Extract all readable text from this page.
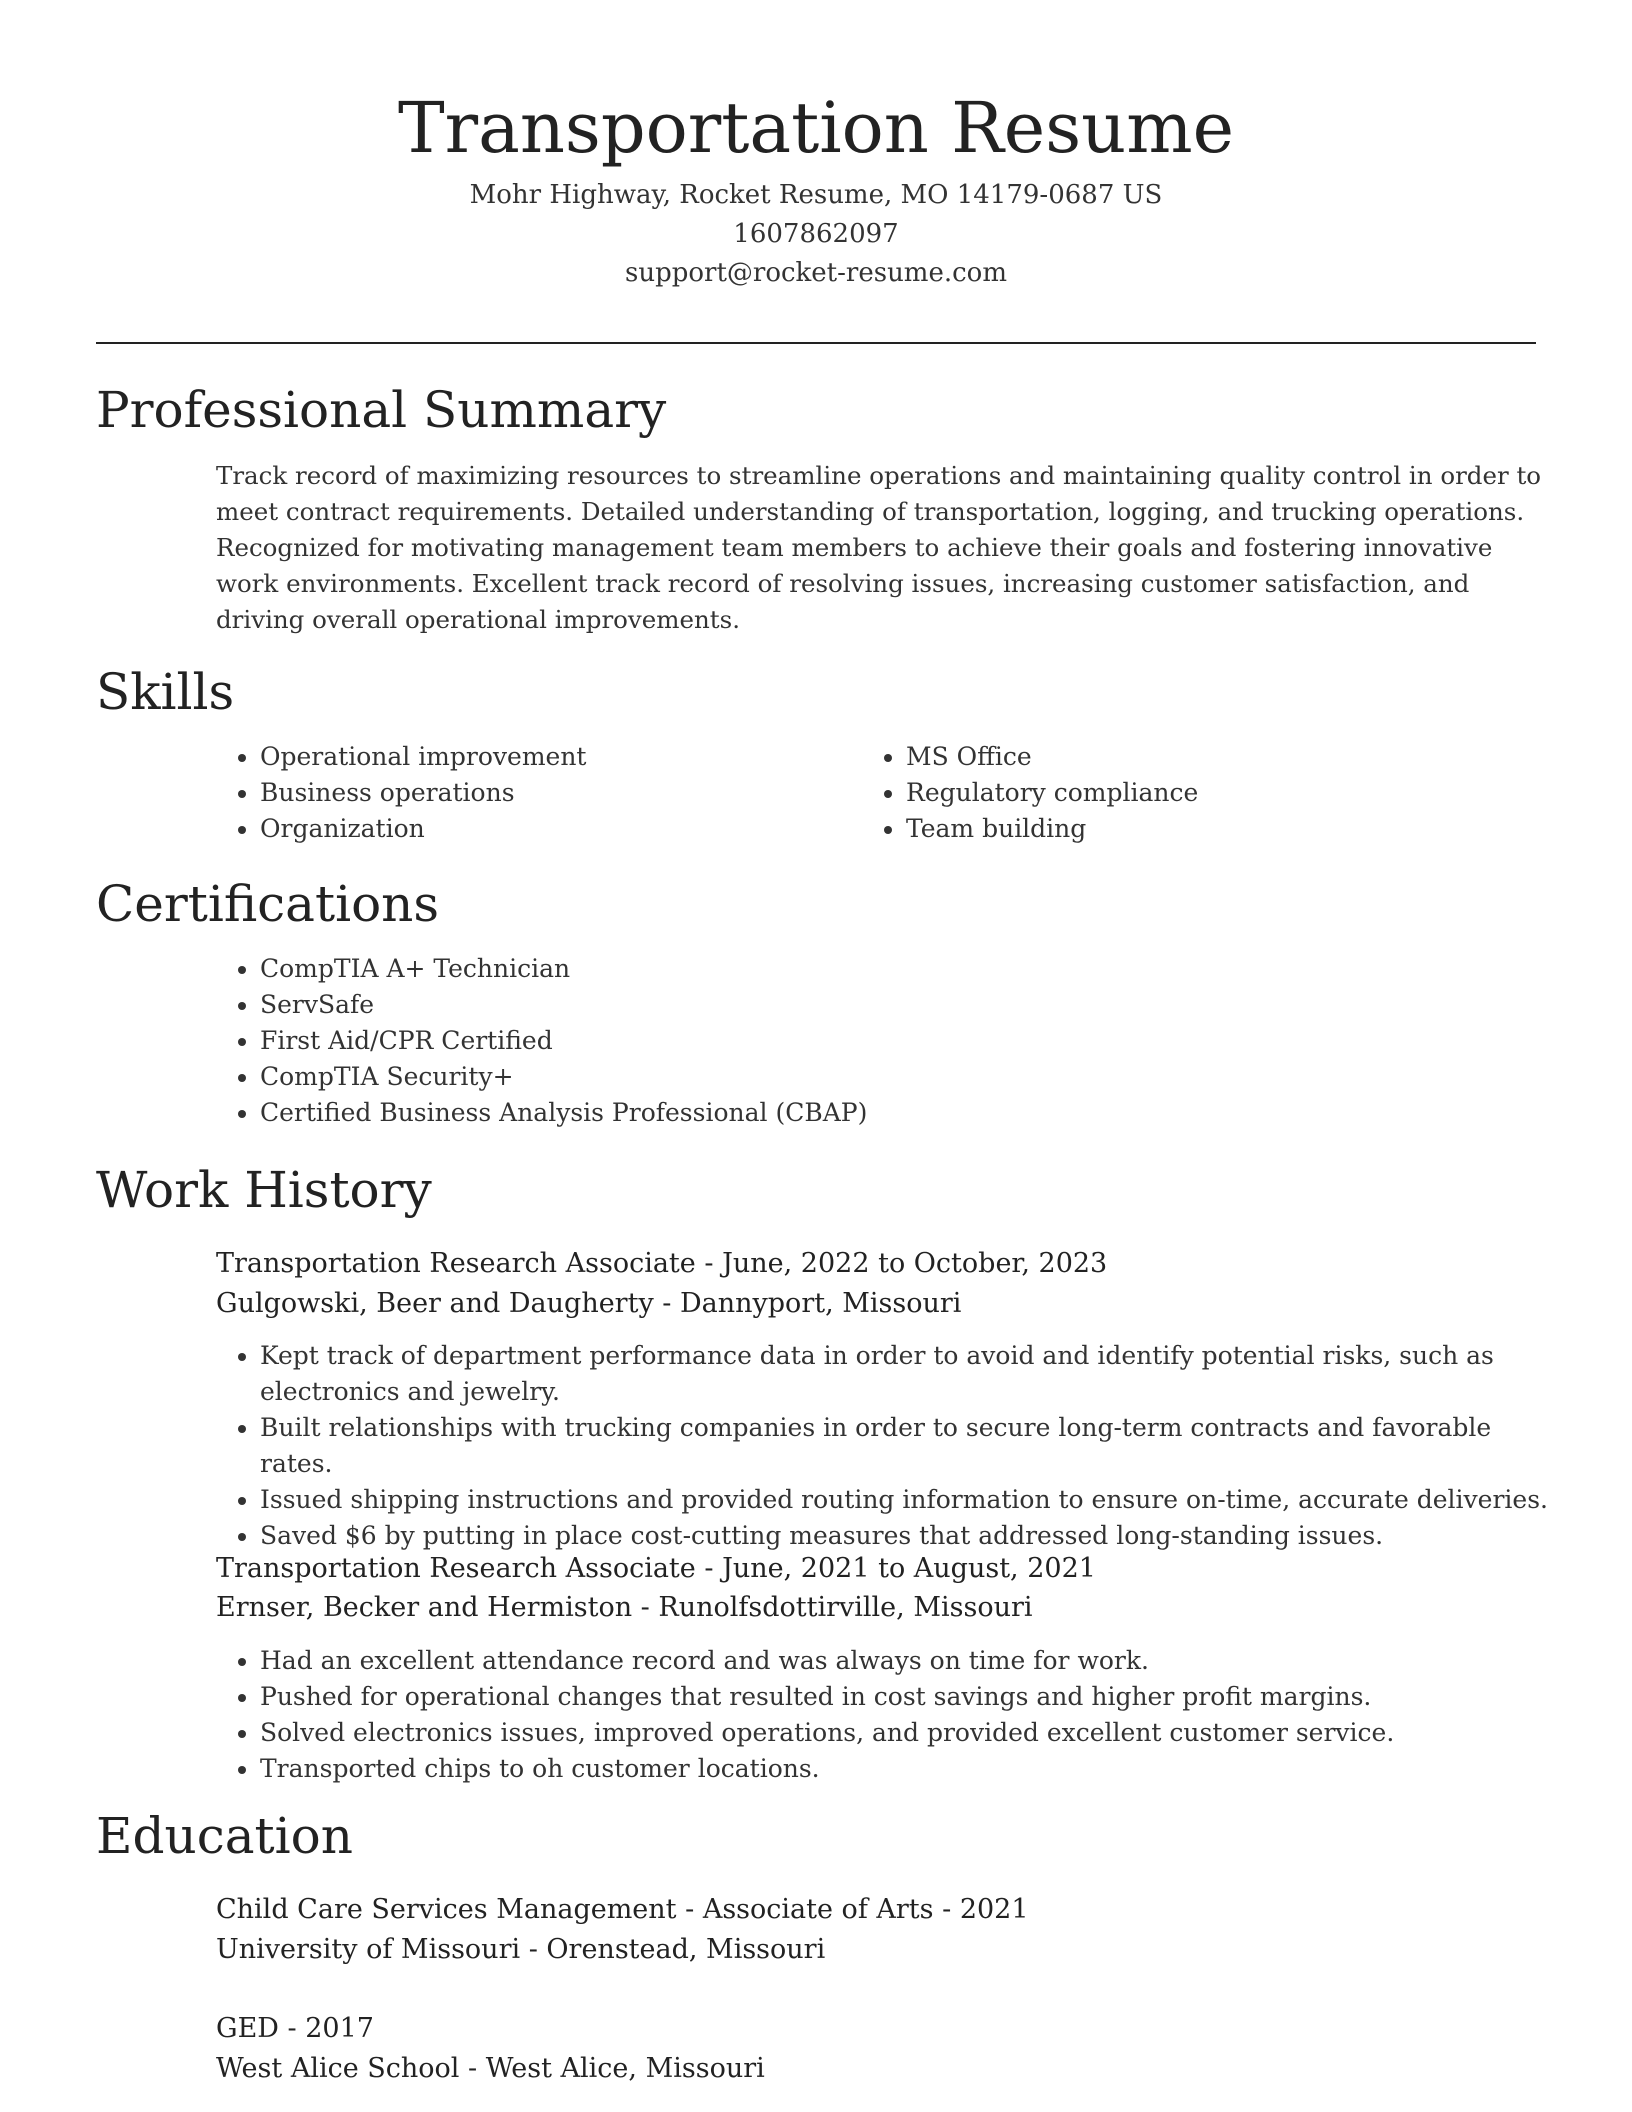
Transportation Resume
Mohr Highway, Rocket Resume, MO 14179-0687 US
1607862097
support@rocket-resume.com
Professional Summary

Track record of maximizing resources to streamline operations and maintaining quality control in order to meet contract requirements. Detailed understanding of transportation, logging, and trucking operations. Recognized for motivating management team members to achieve their goals and fostering innovative work environments. Excellent track record of resolving issues, increasing customer satisfaction, and driving overall operational improvements.

Skills
• Operational improvement
• Business operations
• Organization
• MS Office
• Regulatory compliance
• Team building
Certifications
• CompTIA A+ Technician
• ServSafe
• First Aid/CPR Certified
• CompTIA Security+
• Certified Business Analysis Professional (CBAP)
Work History
Transportation Research Associate - June, 2022 to October, 2023
Gulgowski, Beer and Daugherty - Dannyport, Missouri
• Kept track of department performance data in order to avoid and identify potential risks, such as electronics and jewelry.
• Built relationships with trucking companies in order to secure long-term contracts and favorable rates.
• Issued shipping instructions and provided routing information to ensure on-time, accurate deliveries.
• Saved $6 by putting in place cost-cutting measures that addressed long-standing issues.
Transportation Research Associate - June, 2021 to August, 2021
Ernser, Becker and Hermiston - Runolfsdottirville, Missouri
• Had an excellent attendance record and was always on time for work.
• Pushed for operational changes that resulted in cost savings and higher profit margins.
• Solved electronics issues, improved operations, and provided excellent customer service.
• Transported chips to oh customer locations.
Education
Child Care Services Management - Associate of Arts - 2021
University of Missouri - Orenstead, Missouri
GED - 2017
West Alice School - West Alice, Missouri
